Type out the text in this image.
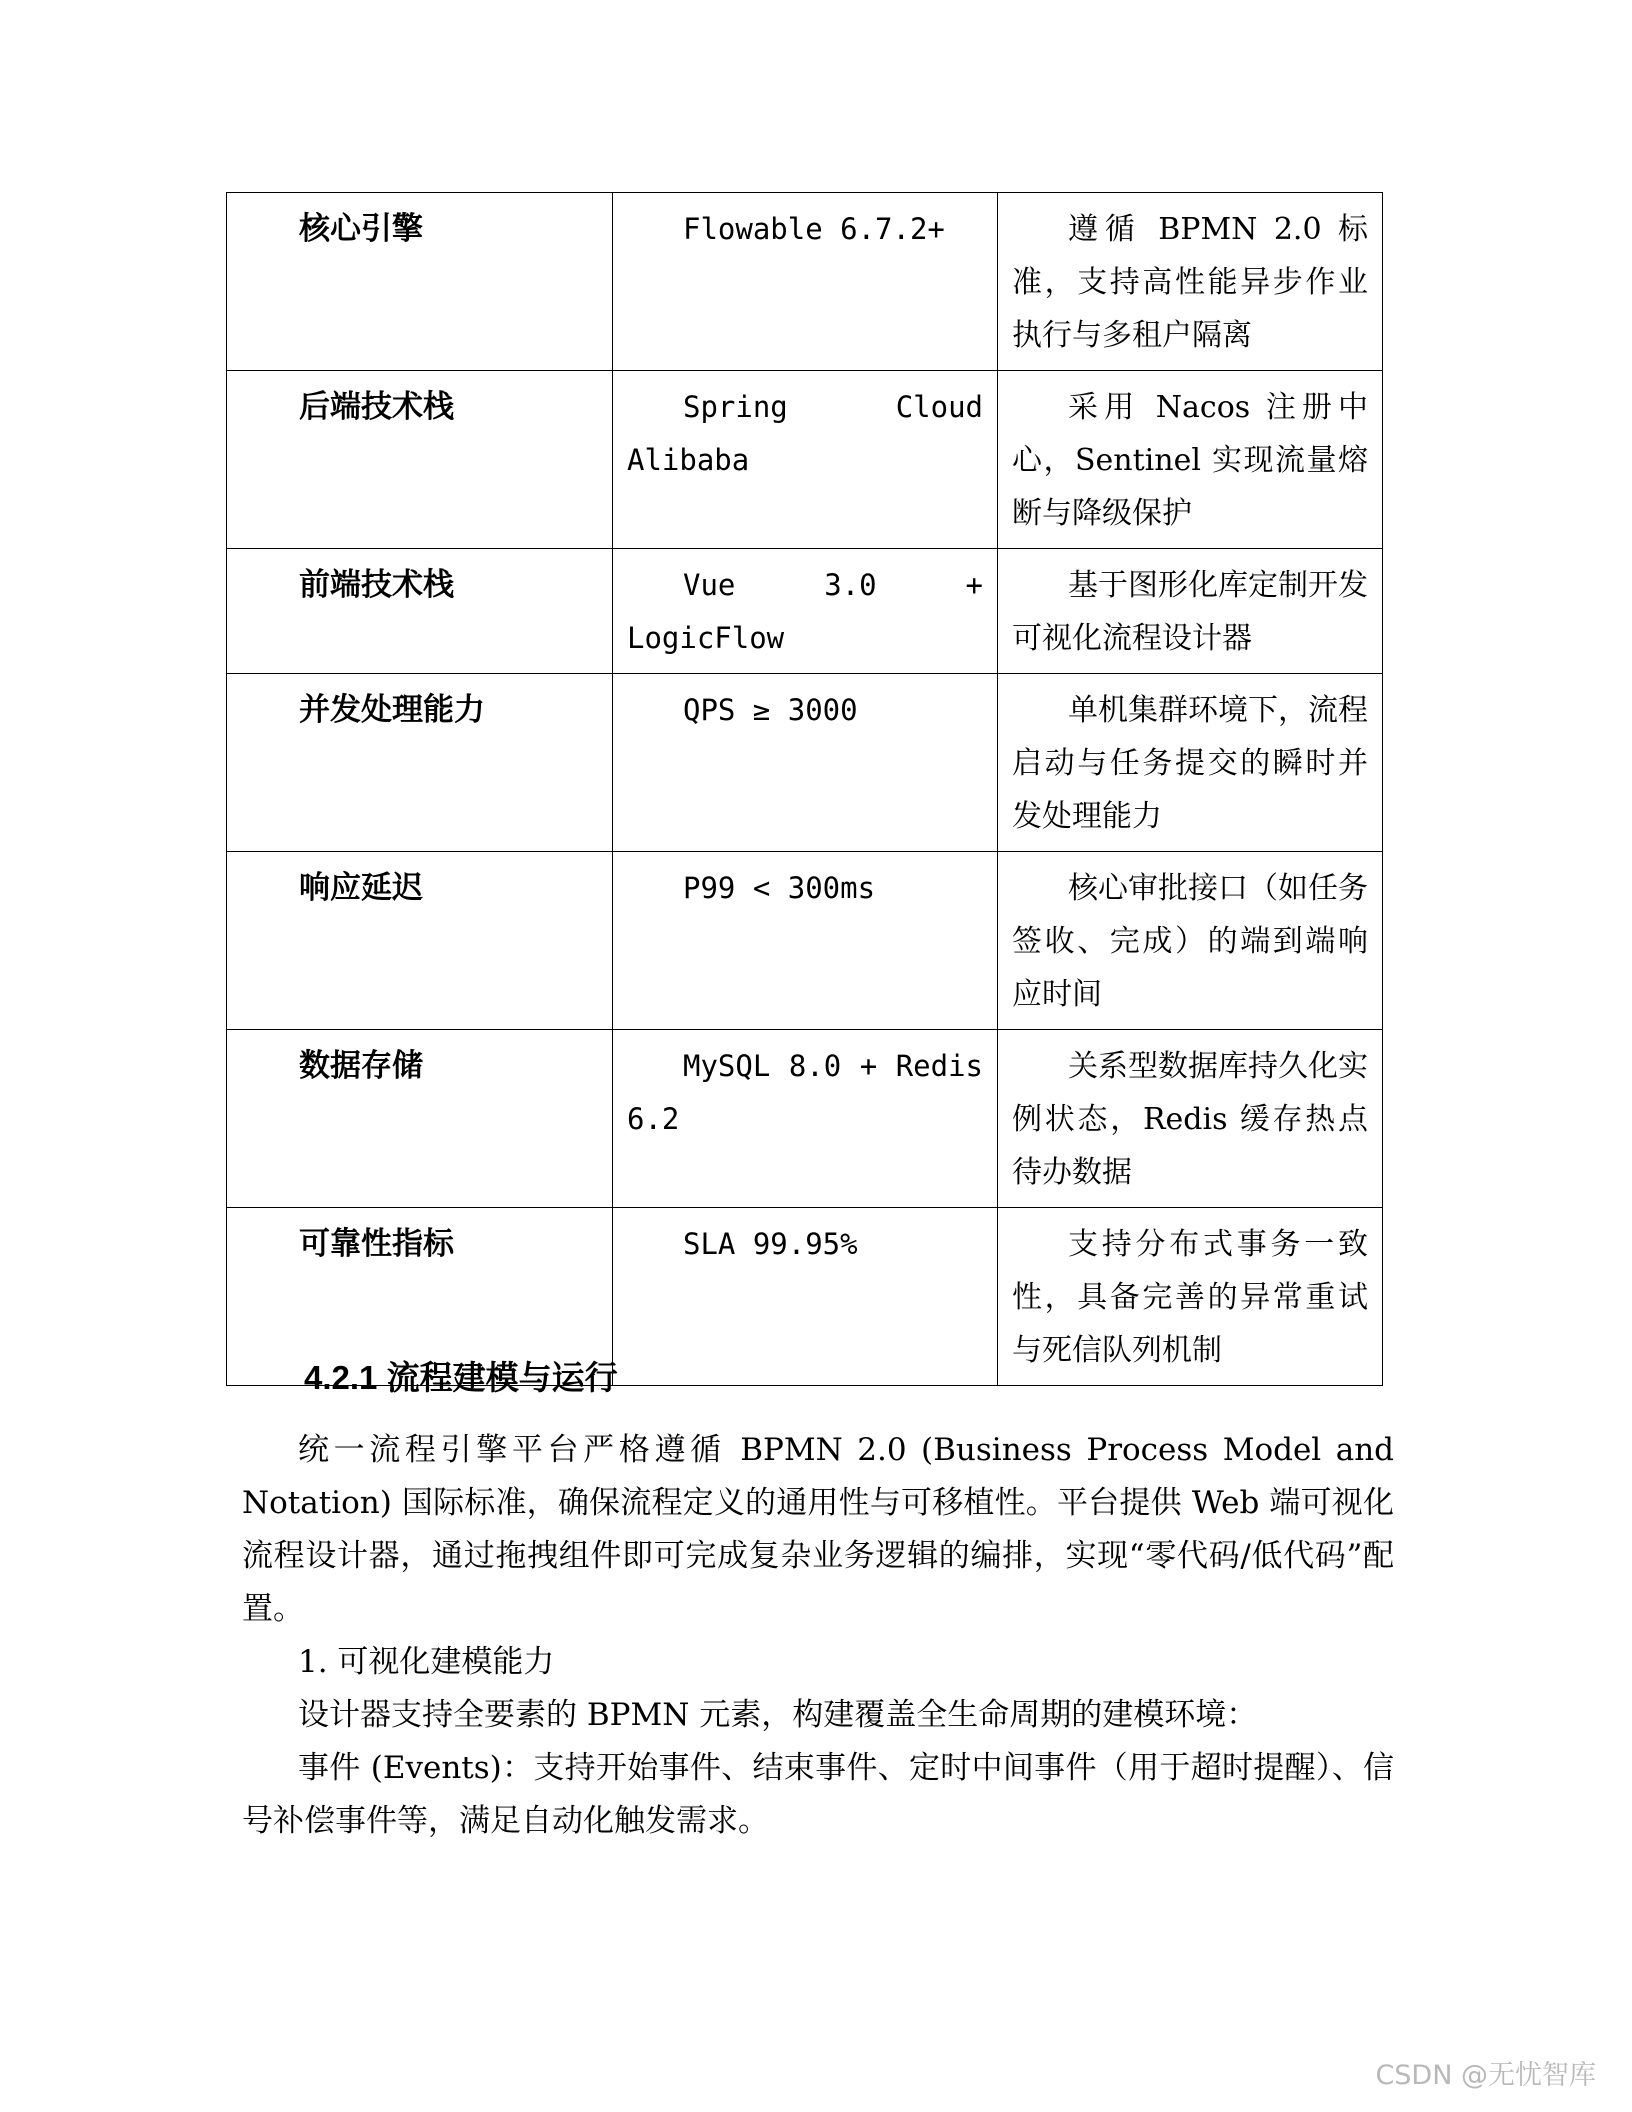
核心引擎	Flowable 6.7.2+	遵循 BPMN 2.0 标准，支持高性能异步作业执行与多租户隔离
后端技术栈	Spring Cloud Alibaba	采用 Nacos 注册中心，Sentinel 实现流量熔断与降级保护
前端技术栈	Vue 3.0 + LogicFlow	基于图形化库定制开发可视化流程设计器
并发处理能力	QPS ≥ 3000	单机集群环境下，流程启动与任务提交的瞬时并发处理能力
响应延迟	P99 < 300ms	核心审批接口（如任务签收、完成）的端到端响应时间
数据存储	MySQL 8.0 + Redis 6.2	关系型数据库持久化实例状态，Redis 缓存热点待办数据
可靠性指标	SLA 99.95%	支持分布式事务一致性，具备完善的异常重试与死信队列机制
4.2.1 流程建模与运行

统一流程引擎平台严格遵循 BPMN 2.0 (Business Process Model and Notation) 国际标准，确保流程定义的通用性与可移植性。平台提供 Web 端可视化流程设计器，通过拖拽组件即可完成复杂业务逻辑的编排，实现“零代码/低代码”配置。

1. 可视化建模能力

设计器支持全要素的 BPMN 元素，构建覆盖全生命周期的建模环境：

事件 (Events)：支持开始事件、结束事件、定时中间事件（用于超时提醒）、信号补偿事件等，满足自动化触发需求。

CSDN @无忧智库
